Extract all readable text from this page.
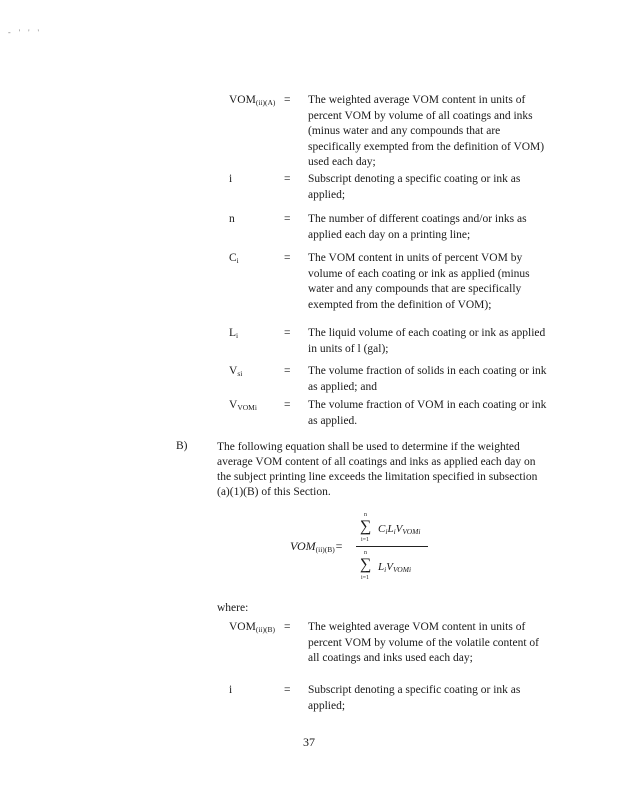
- ' ' '
$VOM_{(ii)(A)}$ =	The weighted average VOM content in units of percent VOM by volume of all coatings and inks (minus water and any compounds that are specifically exempted from the definition of VOM) used each day;
i	=	Subscript denoting a specific coating or ink as applied;
n	=	The number of different coatings and/or inks as applied each day on a printing line;
$C_i$	=	The VOM content in units of percent VOM by volume of each coating or ink as applied (minus water and any compounds that are specifically exempted from the definition of VOM);
$L_i$	=	The liquid volume of each coating or ink as applied in units of l (gal);
$V_{si}$	=	The volume fraction of solids in each coating or ink as applied; and
$V_{VOMi}$	=	The volume fraction of VOM in each coating or ink as applied.
B)	The following equation shall be used to determine if the weighted average VOM content of all coatings and inks as applied each day on the subject printing line exceeds the limitation specified in subsection (a)(1)(B) of this Section.
$VOM_{(ii)(B)}=$
n
∑
i=1
$C_iL_iV_{VOMi}$
n
∑
i=1
$L_iV_{VOMi}$
where:
$VOM_{(ii)(B)}$ =	The weighted average VOM content in units of percent VOM by volume of the volatile content of all coatings and inks used each day;
i	=	Subscript denoting a specific coating or ink as applied;
37
